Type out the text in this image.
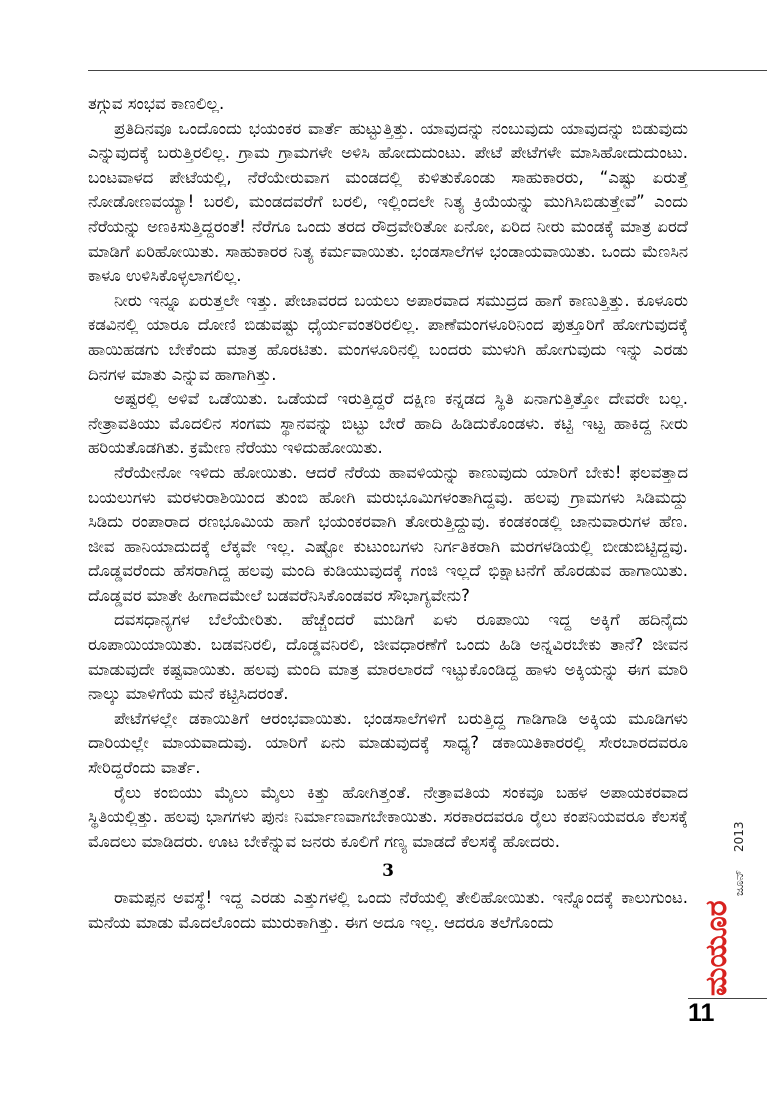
ತಗ್ಗುವ ಸಂಭವ ಕಾಣಲಿಲ್ಲ.

ಪ್ರತಿದಿನವೂ ಒಂದೊಂದು ಭಯಂಕರ ವಾರ್ತೆ ಹುಟ್ಟುತ್ತಿತ್ತು. ಯಾವುದನ್ನು ನಂಬುವುದು ಯಾವುದನ್ನು ಬಿಡುವುದು ಎನ್ನುವುದಕ್ಕೆ ಬರುತ್ತಿರಲಿಲ್ಲ. ಗ್ರಾಮ ಗ್ರಾಮಗಳೇ ಅಳಿಸಿ ಹೋದುದುಂಟು. ಪೇಟೆ ಪೇಟೆಗಳೇ ಮಾಸಿಹೋದುದುಂಟು. ಬಂಟವಾಳದ ಪೇಟೆಯಲ್ಲಿ, ನೆರೆಯೇರುವಾಗ ಮಂಡದಲ್ಲಿ ಕುಳಿತುಕೊಂಡು ಸಾಹುಕಾರರು, “ಎಷ್ಟು ಏರುತ್ತೆ ನೋಡೋಣವಯ್ಯಾ! ಬರಲಿ, ಮಂಡದವರೆಗೆ ಬರಲಿ, ಇಲ್ಲಿಂದಲೇ ನಿತ್ಯ ಕ್ರಿಯೆಯನ್ನು ಮುಗಿಸಿಬಿಡುತ್ತೇವೆ” ಎಂದು ನೆರೆಯನ್ನು ಅಣಕಿಸುತ್ತಿದ್ದರಂತೆ! ನೆರೆಗೂ ಒಂದು ತರದ ರೌದ್ರವೇರಿತೋ ಏನೋ, ಏರಿದ ನೀರು ಮಂಡಕ್ಕೆ ಮಾತ್ರ ಏರದೆ ಮಾಡಿಗೆ ಏರಿಹೋಯಿತು. ಸಾಹುಕಾರರ ನಿತ್ಯ ಕರ್ಮವಾಯಿತು. ಭಂಡಸಾಲೆಗಳ ಭಂಡಾಯವಾಯಿತು. ಒಂದು ಮೆಣಸಿನ ಕಾಳೂ ಉಳಿಸಿಕೊಳ್ಳಲಾಗಲಿಲ್ಲ.

ನೀರು ಇನ್ನೂ ಏರುತ್ತಲೇ ಇತ್ತು. ಪೇಜಾವರದ ಬಯಲು ಅಪಾರವಾದ ಸಮುದ್ರದ ಹಾಗೆ ಕಾಣುತ್ತಿತ್ತು. ಕೂಳೂರು ಕಡವಿನಲ್ಲಿ ಯಾರೂ ದೋಣಿ ಬಿಡುವಷ್ಟು ಧೈರ್ಯವಂತರಿರಲಿಲ್ಲ. ಪಾಣೆಮಂಗಳೂರಿನಿಂದ ಪುತ್ತೂರಿಗೆ ಹೋಗುವುದಕ್ಕೆ ಹಾಯಿಹಡಗು ಬೇಕೆಂದು ಮಾತ್ರ ಹೊರಟಿತು. ಮಂಗಳೂರಿನಲ್ಲಿ ಬಂದರು ಮುಳುಗಿ ಹೋಗುವುದು ಇನ್ನು ಎರಡು ದಿನಗಳ ಮಾತು ಎನ್ನುವ ಹಾಗಾಗಿತ್ತು.

ಅಷ್ಟರಲ್ಲಿ ಅಳಿವೆ ಒಡೆಯಿತು. ಒಡೆಯದೆ ಇರುತ್ತಿದ್ದರೆ ದಕ್ಷಿಣ ಕನ್ನಡದ ಸ್ಥಿತಿ ಏನಾಗುತ್ತಿತ್ತೋ ದೇವರೇ ಬಲ್ಲ. ನೇತ್ರಾವತಿಯು ಮೊದಲಿನ ಸಂಗಮ ಸ್ಥಾನವನ್ನು ಬಿಟ್ಟು ಬೇರೆ ಹಾದಿ ಹಿಡಿದುಕೊಂಡಳು. ಕಟ್ಟಿ ಇಟ್ಟ ಹಾಕಿದ್ದ ನೀರು ಹರಿಯತೊಡಗಿತು. ಕ್ರಮೇಣ ನೆರೆಯು ಇಳಿದುಹೋಯಿತು.

ನೆರೆಯೇನೋ ಇಳಿದು ಹೋಯಿತು. ಆದರೆ ನೆರೆಯ ಹಾವಳಿಯನ್ನು ಕಾಣುವುದು ಯಾರಿಗೆ ಬೇಕು! ಫಲವತ್ತಾದ ಬಯಲುಗಳು ಮರಳುರಾಶಿಯಿಂದ ತುಂಬಿ ಹೋಗಿ ಮರುಭೂಮಿಗಳಂತಾಗಿದ್ದವು. ಹಲವು ಗ್ರಾಮಗಳು ಸಿಡಿಮದ್ದು ಸಿಡಿದು ರಂಪಾರಾದ ರಣಭೂಮಿಯ ಹಾಗೆ ಭಯಂಕರವಾಗಿ ತೋರುತ್ತಿದ್ದುವು. ಕಂಡಕಂಡಲ್ಲಿ ಜಾನುವಾರುಗಳ ಹೆಣ. ಜೀವ ಹಾನಿಯಾದುದಕ್ಕೆ ಲೆಕ್ಕವೇ ಇಲ್ಲ. ಎಷ್ಟೋ ಕುಟುಂಬಗಳು ನಿರ್ಗತಿಕರಾಗಿ ಮರಗಳಡಿಯಲ್ಲಿ ಬೀಡುಬಿಟ್ಟಿದ್ದವು. ದೊಡ್ಡವರೆಂದು ಹೆಸರಾಗಿದ್ದ ಹಲವು ಮಂದಿ ಕುಡಿಯುವುದಕ್ಕೆ ಗಂಜಿ ಇಲ್ಲದೆ ಭಿಕ್ಷಾಟನೆಗೆ ಹೊರಡುವ ಹಾಗಾಯಿತು. ದೊಡ್ಡವರ ಮಾತೇ ಹೀಗಾದಮೇಲೆ ಬಡವರೆನಿಸಿಕೊಂಡವರ ಸೌಭಾಗ್ಯವೇನು?

ದವಸಧಾನ್ಯಗಳ ಬೆಲೆಯೇರಿತು. ಹೆಚ್ಚೆಂದರೆ ಮುಡಿಗೆ ಏಳು ರೂಪಾಯಿ ಇದ್ದ ಅಕ್ಕಿಗೆ ಹದಿನೈದು ರೂಪಾಯಿಯಾಯಿತು. ಬಡವನಿರಲಿ, ದೊಡ್ಡವನಿರಲಿ, ಜೀವಧಾರಣೆಗೆ ಒಂದು ಹಿಡಿ ಅನ್ನವಿರಬೇಕು ತಾನೆ? ಜೀವನ ಮಾಡುವುದೇ ಕಷ್ಟವಾಯಿತು. ಹಲವು ಮಂದಿ ಮಾತ್ರ ಮಾರಲಾರದೆ ಇಟ್ಟುಕೊಂಡಿದ್ದ ಹಾಳು ಅಕ್ಕಿಯನ್ನು ಈಗ ಮಾರಿ ನಾಲ್ಕು ಮಾಳಿಗೆಯ ಮನೆ ಕಟ್ಟಿಸಿದರಂತೆ.

ಪೇಟೆಗಳಲ್ಲೇ ಡಕಾಯಿತಿಗೆ ಆರಂಭವಾಯಿತು. ಭಂಡಸಾಲೆಗಳಿಗೆ ಬರುತ್ತಿದ್ದ ಗಾಡಿಗಾಡಿ ಅಕ್ಕಿಯ ಮೂಡಿಗಳು ದಾರಿಯಲ್ಲೇ ಮಾಯವಾದುವು. ಯಾರಿಗೆ ಏನು ಮಾಡುವುದಕ್ಕೆ ಸಾಧ್ಯ? ಡಕಾಯಿತಿಕಾರರಲ್ಲಿ ಸೇರಬಾರದವರೂ ಸೇರಿದ್ದರೆಂದು ವಾರ್ತೆ.

ರೈಲು ಕಂಬಿಯು ಮೈಲು ಮೈಲು ಕಿತ್ತು ಹೋಗಿತ್ತಂತೆ. ನೇತ್ರಾವತಿಯ ಸಂಕವೂ ಬಹಳ ಅಪಾಯಕರವಾದ ಸ್ಥಿತಿಯಲ್ಲಿತ್ತು. ಹಲವು ಭಾಗಗಳು ಪುನಃ ನಿರ್ಮಾಣವಾಗಬೇಕಾಯಿತು. ಸರಕಾರದವರೂ ರೈಲು ಕಂಪನಿಯವರೂ ಕೆಲಸಕ್ಕೆ ಮೊದಲು ಮಾಡಿದರು. ಊಟ ಬೇಕೆನ್ನುವ ಜನರು ಕೂಲಿಗೆ ಗಣ್ಯ ಮಾಡದೆ ಕೆಲಸಕ್ಕೆ ಹೋದರು.

3

ರಾಮಪ್ಪನ ಅವಸ್ಥೆ! ಇದ್ದ ಎರಡು ಎತ್ತುಗಳಲ್ಲಿ ಒಂದು ನೆರೆಯಲ್ಲಿ ತೇಲಿಹೋಯಿತು. ಇನ್ನೊಂದಕ್ಕೆ ಕಾಲುಗುಂಟ. ಮನೆಯ ಮಾಡು ಮೊದಲೊಂದು ಮುರುಕಾಗಿತ್ತು. ಈಗ ಅದೂ ಇಲ್ಲ. ಆದರೂ ತಲೆಗೊಂದು	ಮಯೂರ
ಜೂನ್
2013
11
